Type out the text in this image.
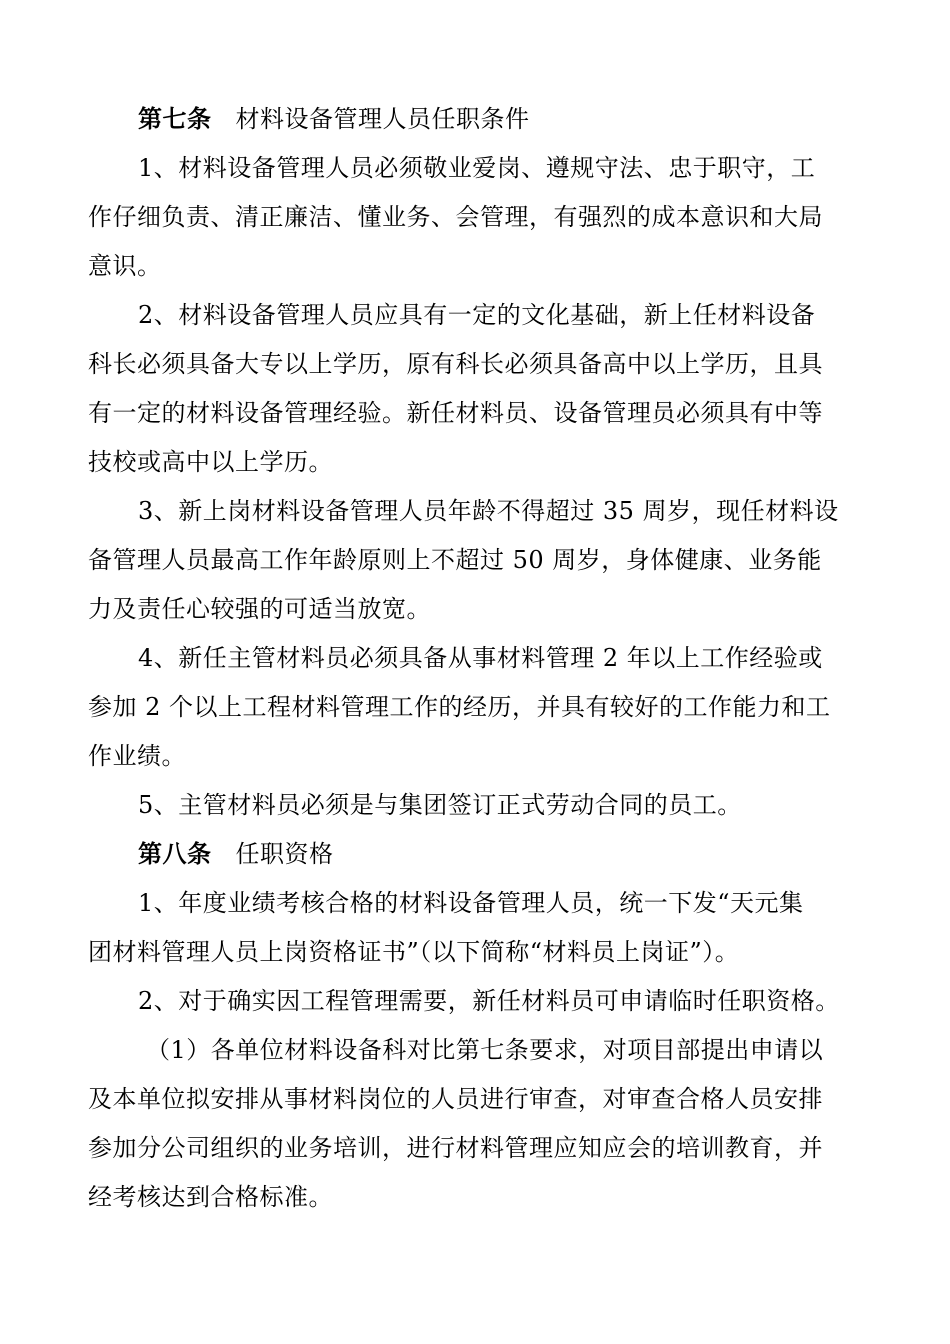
第七条 材料设备管理人员任职条件
1、材料设备管理人员必须敬业爱岗、遵规守法、忠于职守，工
作仔细负责、清正廉洁、懂业务、会管理，有强烈的成本意识和大局
意识。
2、材料设备管理人员应具有一定的文化基础，新上任材料设备
科长必须具备大专以上学历，原有科长必须具备高中以上学历，且具
有一定的材料设备管理经验。新任材料员、设备管理员必须具有中等
技校或高中以上学历。
3、新上岗材料设备管理人员年龄不得超过 35 周岁，现任材料设
备管理人员最高工作年龄原则上不超过 50 周岁，身体健康、业务能
力及责任心较强的可适当放宽。
4、新任主管材料员必须具备从事材料管理 2 年以上工作经验或
参加 2 个以上工程材料管理工作的经历，并具有较好的工作能力和工
作业绩。
5、主管材料员必须是与集团签订正式劳动合同的员工。
第八条 任职资格
1、年度业绩考核合格的材料设备管理人员，统一下发“天元集
团材料管理人员上岗资格证书”（以下简称“材料员上岗证”）。
2、对于确实因工程管理需要，新任材料员可申请临时任职资格。
（1）各单位材料设备科对比第七条要求，对项目部提出申请以
及本单位拟安排从事材料岗位的人员进行审查，对审查合格人员安排
参加分公司组织的业务培训，进行材料管理应知应会的培训教育，并
经考核达到合格标准。
